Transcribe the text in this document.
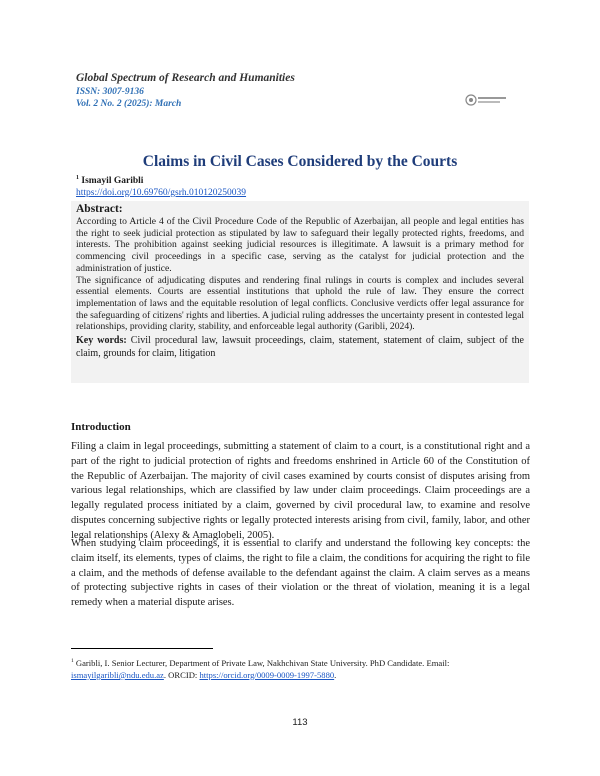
Global Spectrum of Research and Humanities
ISSN: 3007-9136
Vol. 2 No. 2 (2025): March
Claims in Civil Cases Considered by the Courts
$^1$ Ismayil Garibli
https://doi.org/10.69760/gsrh.010120250039
Abstract:

According to Article 4 of the Civil Procedure Code of the Republic of Azerbaijan, all people and legal entities has the right to seek judicial protection as stipulated by law to safeguard their legally protected rights, freedoms, and interests. The prohibition against seeking judicial resources is illegitimate. A lawsuit is a primary method for commencing civil proceedings in a specific case, serving as the catalyst for judicial protection and the administration of justice.

The significance of adjudicating disputes and rendering final rulings in courts is complex and includes several essential elements. Courts are essential institutions that uphold the rule of law. They ensure the correct implementation of laws and the equitable resolution of legal conflicts. Conclusive verdicts offer legal assurance for the safeguarding of citizens' rights and liberties. A judicial ruling addresses the uncertainty present in contested legal relationships, providing clarity, stability, and enforceable legal authority (Garibli, 2024).

Key words: Civil procedural law, lawsuit proceedings, claim, statement, statement of claim, subject of the claim, grounds for claim, litigation
Introduction

Filing a claim in legal proceedings, submitting a statement of claim to a court, is a constitutional right and a part of the right to judicial protection of rights and freedoms enshrined in Article 60 of the Constitution of the Republic of Azerbaijan. The majority of civil cases examined by courts consist of disputes arising from various legal relationships, which are classified by law under claim proceedings. Claim proceedings are a legally regulated process initiated by a claim, governed by civil procedural law, to examine and resolve disputes concerning subjective rights or legally protected interests arising from civil, family, labor, and other legal relationships (Alexy & Amaglobeli, 2005).

When studying claim proceedings, it is essential to clarify and understand the following key concepts: the claim itself, its elements, types of claims, the right to file a claim, the conditions for acquiring the right to file a claim, and the methods of defense available to the defendant against the claim. A claim serves as a means of protecting subjective rights in cases of their violation or the threat of violation, meaning it is a legal remedy when a material dispute arises.

$^1$ Garibli, I. Senior Lecturer, Department of Private Law, Nakhchivan State University. PhD Candidate. Email: ismayilgaribli@ndu.edu.az. ORCID: https://orcid.org/0009-0009-1997-5880.
113
